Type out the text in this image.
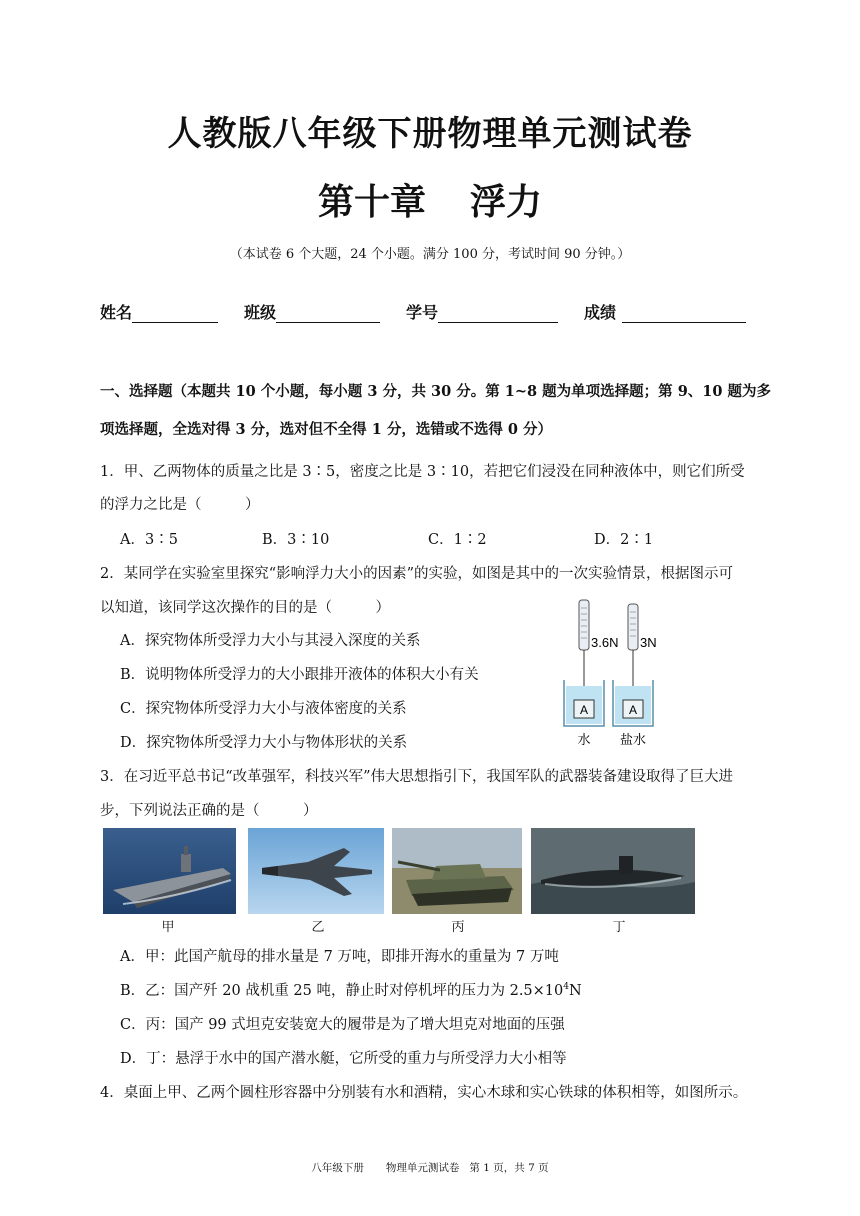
人教版八年级下册物理单元测试卷
第十章 浮力
（本试卷 6 个大题，24 个小题。满分 100 分，考试时间 90 分钟。）
姓名	班级	学号	成绩
一、选择题（本题共 10 个小题，每小题 3 分，共 30 分。第 1~8 题为单项选择题；第 9、10 题为多
项选择题，全选对得 3 分，选对但不全得 1 分，选错或不选得 0 分）
1．甲、乙两物体的质量之比是 3∶5，密度之比是 3∶10，若把它们浸没在同种液体中，则它们所受
的浮力之比是（　　　）
A．3∶5	B．3∶10	C．1∶2	D．2∶1
2．某同学在实验室里探究“影响浮力大小的因素”的实验，如图是其中的一次实验情景，根据图示可
以知道，该同学这次操作的目的是（　　　）
A．探究物体所受浮力大小与其浸入深度的关系
B．说明物体所受浮力的大小跟排开液体的体积大小有关
C．探究物体所受浮力大小与液体密度的关系
D．探究物体所受浮力大小与物体形状的关系
3.6N 3N
A	A
水 盐水
3．在习近平总书记“改革强军，科技兴军”伟大思想指引下，我国军队的武器装备建设取得了巨大进
步，下列说法正确的是（　　　）
甲	乙	丙	丁
A．甲：此国产航母的排水量是 7 万吨，即排开海水的重量为 7 万吨
B．乙：国产歼 20 战机重 25 吨，静止时对停机坪的压力为 $2.5\times 10^4N$
C．丙：国产 99 式坦克安装宽大的履带是为了增大坦克对地面的压强
D．丁：悬浮于水中的国产潜水艇，它所受的重力与所受浮力大小相等
4．桌面上甲、乙两个圆柱形容器中分别装有水和酒精，实心木球和实心铁球的体积相等，如图所示。
八年级下册 物理单元测试卷 第 1 页，共 7 页
